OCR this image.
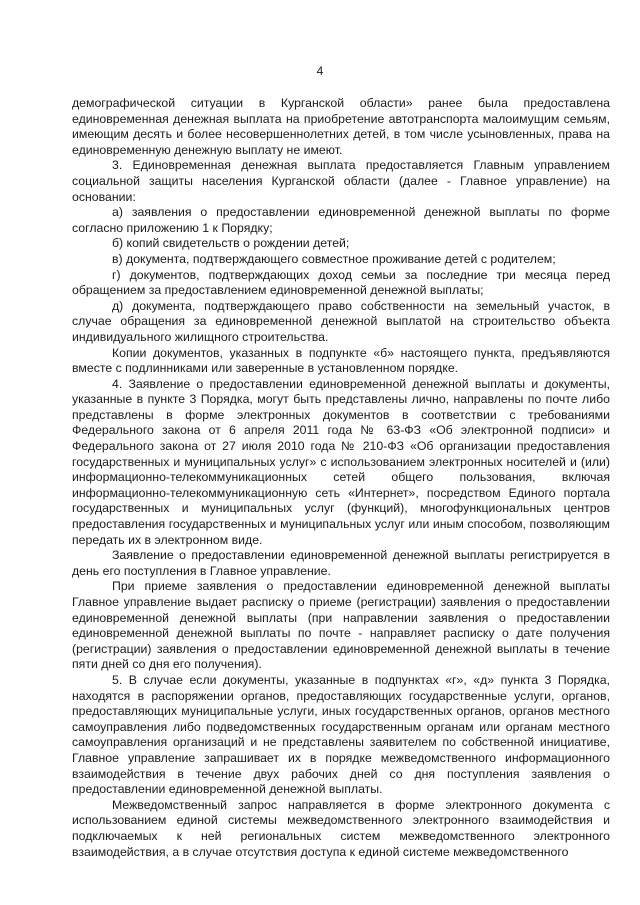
4

демографической ситуации в Курганской области» ранее была предоставлена единовременная денежная выплата на приобретение автотранспорта малоимущим семьям, имеющим десять и более несовершеннолетних детей, в том числе усыновленных, права на единовременную денежную выплату не имеют.

3. Единовременная денежная выплата предоставляется Главным управлением социальной защиты населения Курганской области (далее - Главное управление) на основании:

а) заявления о предоставлении единовременной денежной выплаты по форме согласно приложению 1 к Порядку;

б) копий свидетельств о рождении детей;

в) документа, подтверждающего совместное проживание детей с родителем;

г) документов, подтверждающих доход семьи за последние три месяца перед обращением за предоставлением единовременной денежной выплаты;

д) документа, подтверждающего право собственности на земельный участок, в случае обращения за единовременной денежной выплатой на строительство объекта индивидуального жилищного строительства.

Копии документов, указанных в подпункте «б» настоящего пункта, предъявляются вместе с подлинниками или заверенные в установленном порядке.

4. Заявление о предоставлении единовременной денежной выплаты и документы, указанные в пункте 3 Порядка, могут быть представлены лично, направлены по почте либо представлены в форме электронных документов в соответствии с требованиями Федерального закона от 6 апреля 2011 года № 63-ФЗ «Об электронной подписи» и Федерального закона от 27 июля 2010 года № 210-ФЗ «Об организации предоставления государственных и муниципальных услуг» с использованием электронных носителей и (или) информационно-телекоммуникационных сетей общего пользования, включая информационно-телекоммуникационную сеть «Интернет», посредством Единого портала государственных и муниципальных услуг (функций), многофункциональных центров предоставления государственных и муниципальных услуг или иным способом, позволяющим передать их в электронном виде.

Заявление о предоставлении единовременной денежной выплаты регистрируется в день его поступления в Главное управление.

При приеме заявления о предоставлении единовременной денежной выплаты Главное управление выдает расписку о приеме (регистрации) заявления о предоставлении единовременной денежной выплаты (при направлении заявления о предоставлении единовременной денежной выплаты по почте - направляет расписку о дате получения (регистрации) заявления о предоставлении единовременной денежной выплаты в течение пяти дней со дня его получения).

5. В случае если документы, указанные в подпунктах «г», «д» пункта 3 Порядка, находятся в распоряжении органов, предоставляющих государственные услуги, органов, предоставляющих муниципальные услуги, иных государственных органов, органов местного самоуправления либо подведомственных государственным органам или органам местного самоуправления организаций и не представлены заявителем по собственной инициативе, Главное управление запрашивает их в порядке межведомственного информационного взаимодействия в течение двух рабочих дней со дня поступления заявления о предоставлении единовременной денежной выплаты.

Межведомственный запрос направляется в форме электронного документа с использованием единой системы межведомственного электронного взаимодействия и подключаемых к ней региональных систем межведомственного электронного взаимодействия, а в случае отсутствия доступа к единой системе межведомственного
